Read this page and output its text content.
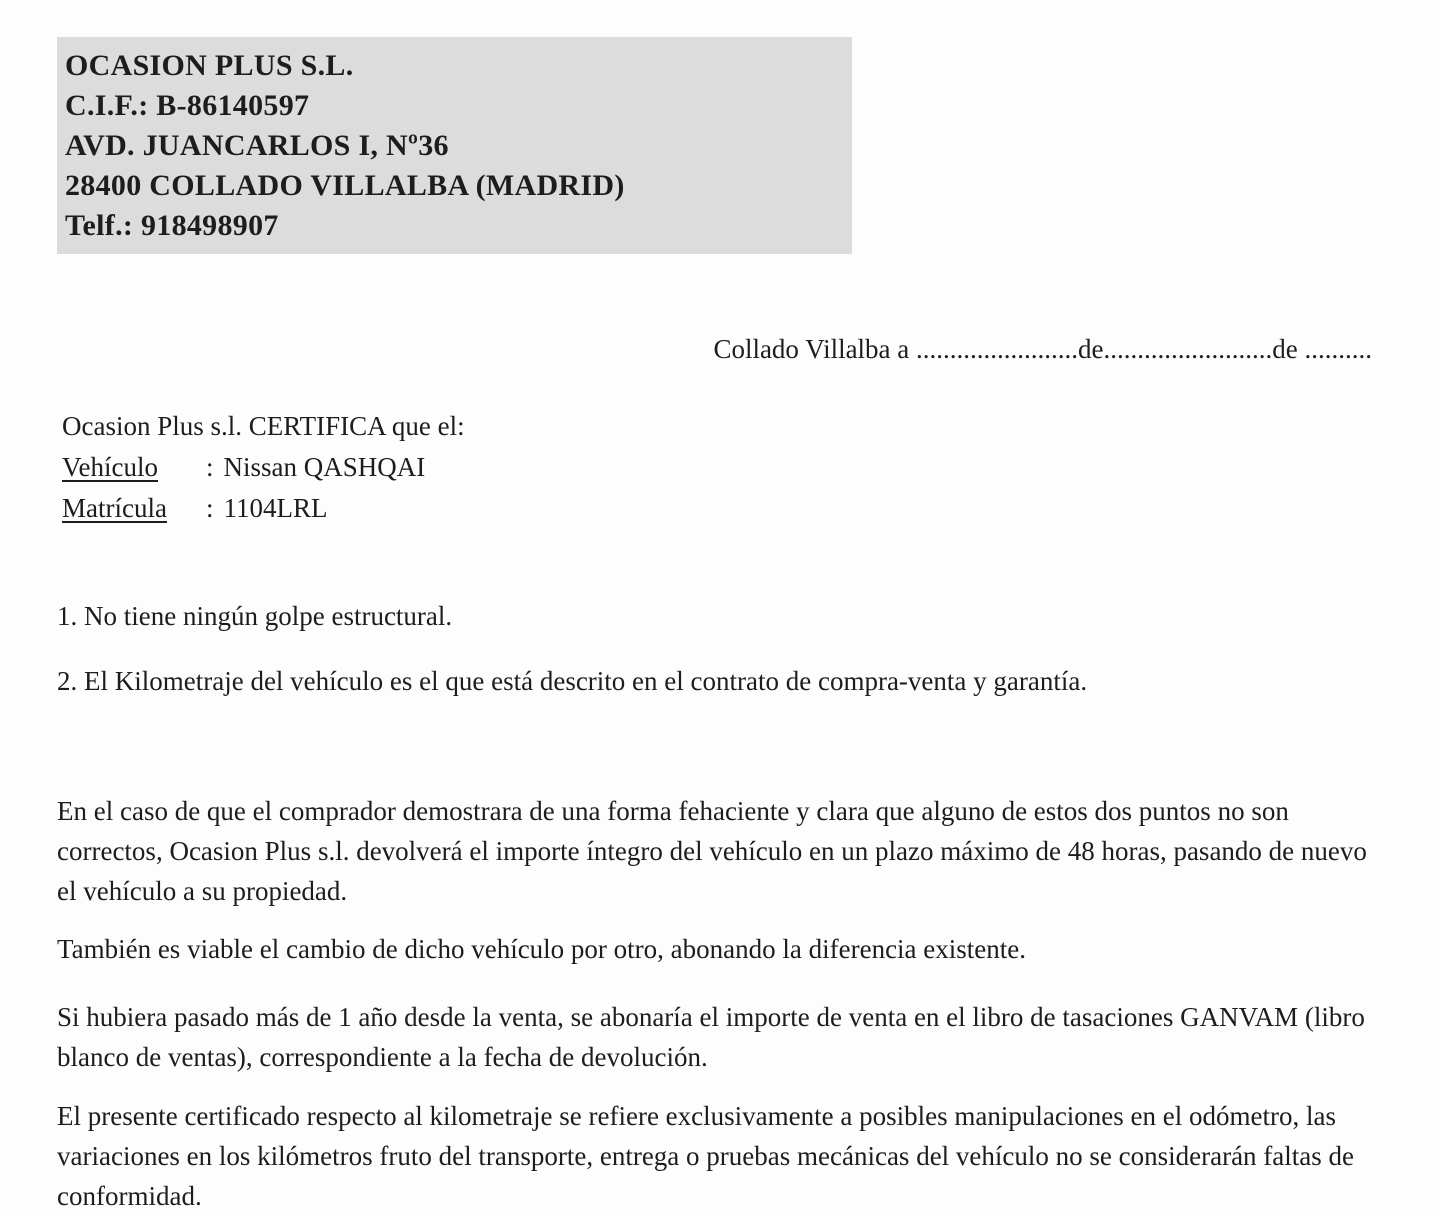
OCASION PLUS S.L.

C.I.F.: B-86140597

AVD. JUANCARLOS I, Nº36

28400 COLLADO VILLALBA (MADRID)

Telf.: 918498907

Collado Villalba a ........................de.........................de ..........

Ocasion Plus s.l. CERTIFICA que el:

Vehículo : Nissan QASHQAI

Matrícula : 1104LRL

1. No tiene ningún golpe estructural.

2. El Kilometraje del vehículo es el que está descrito en el contrato de compra-venta y garantía.

En el caso de que el comprador demostrara de una forma fehaciente y clara que alguno de estos dos puntos no son correctos, Ocasion Plus s.l. devolverá el importe íntegro del vehículo en un plazo máximo de 48 horas, pasando de nuevo el vehículo a su propiedad.

También es viable el cambio de dicho vehículo por otro, abonando la diferencia existente.

Si hubiera pasado más de 1 año desde la venta, se abonaría el importe de venta en el libro de tasaciones GANVAM (libro blanco de ventas), correspondiente a la fecha de devolución.

El presente certificado respecto al kilometraje se refiere exclusivamente a posibles manipulaciones en el odómetro, las variaciones en los kilómetros fruto del transporte, entrega o pruebas mecánicas del vehículo no se considerarán faltas de conformidad.
